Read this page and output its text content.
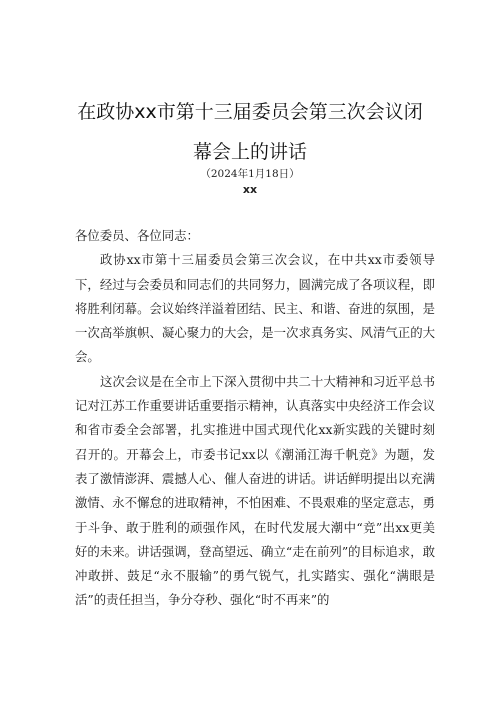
在政协xx市第十三届委员会第三次会议闭
幕会上的讲话
（2024年1月18日）
xx

各位委员、各位同志：

政协xx市第十三届委员会第三次会议，在中共xx市委领导下，经过与会委员和同志们的共同努力，圆满完成了各项议程，即将胜利闭幕。会议始终洋溢着团结、民主、和谐、奋进的氛围，是一次高举旗帜、凝心聚力的大会，是一次求真务实、风清气正的大会。

这次会议是在全市上下深入贯彻中共二十大精神和习近平总书记对江苏工作重要讲话重要指示精神，认真落实中央经济工作会议和省市委全会部署，扎实推进中国式现代化xx新实践的关键时刻召开的。开幕会上，市委书记xx以《潮涌江海千帆竞》为题，发表了激情澎湃、震撼人心、催人奋进的讲话。讲话鲜明提出以充满激情、永不懈怠的进取精神，不怕困难、不畏艰难的坚定意志，勇于斗争、敢于胜利的顽强作风，在时代发展大潮中“竞”出xx更美好的未来。讲话强调，登高望远、确立“走在前列”的目标追求，敢冲敢拼、鼓足“永不服输”的勇气锐气，扎实踏实、强化“满眼是活”的责任担当，争分夺秒、强化“时不再来”的
